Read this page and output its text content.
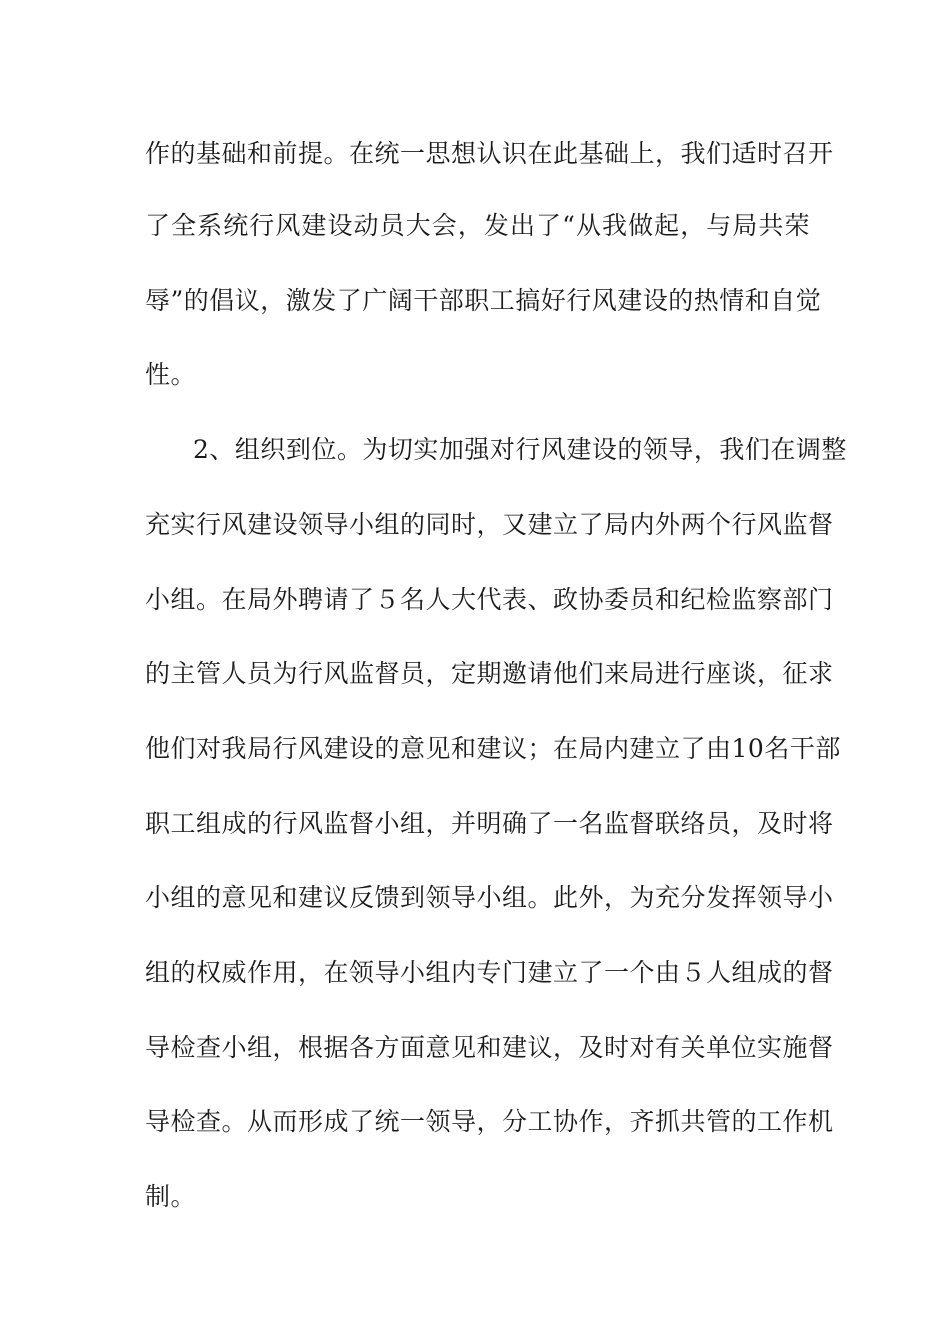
作的基础和前提。在统一思想认识在此基础上，我们适时召开
了全系统行风建设动员大会，发出了“从我做起，与局共荣
辱”的倡议，激发了广阔干部职工搞好行风建设的热情和自觉
性。
2、组织到位。为切实加强对行风建设的领导，我们在调整
充实行风建设领导小组的同时，又建立了局内外两个行风监督
小组。在局外聘请了５名人大代表、政协委员和纪检监察部门
的主管人员为行风监督员，定期邀请他们来局进行座谈，征求
他们对我局行风建设的意见和建议；在局内建立了由10名干部
职工组成的行风监督小组，并明确了一名监督联络员，及时将
小组的意见和建议反馈到领导小组。此外，为充分发挥领导小
组的权威作用，在领导小组内专门建立了一个由５人组成的督
导检查小组，根据各方面意见和建议，及时对有关单位实施督
导检查。从而形成了统一领导，分工协作，齐抓共管的工作机
制。
